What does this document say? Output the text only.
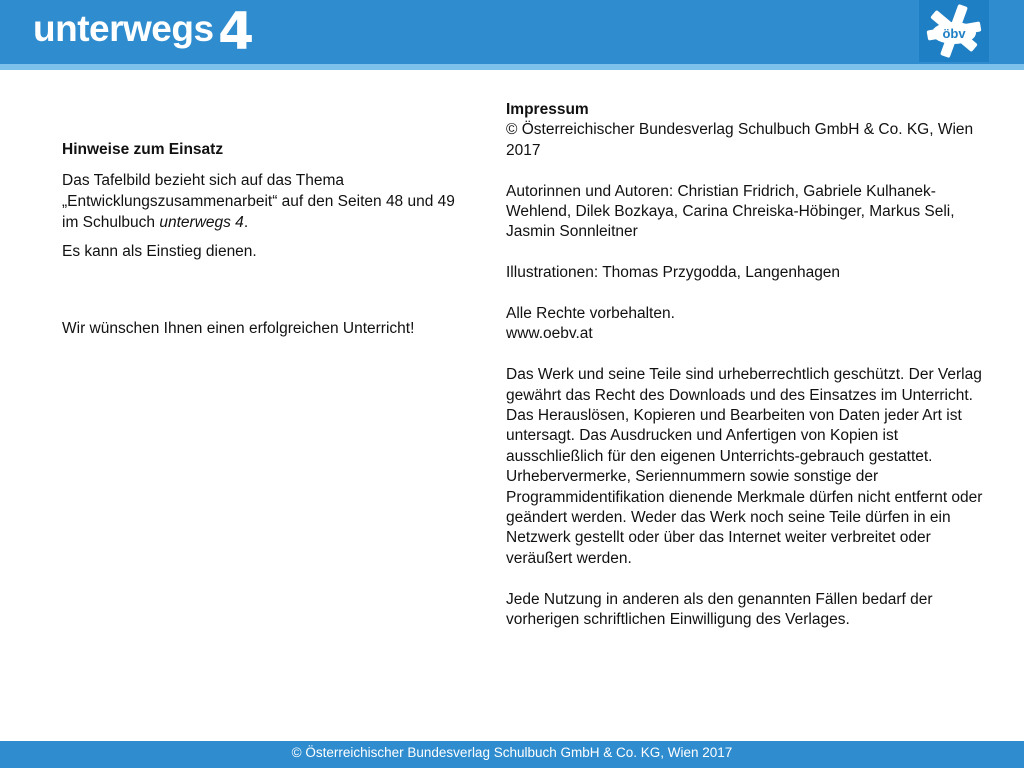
unterwegs 4	öbv
Hinweise zum Einsatz

Das Tafelbild bezieht sich auf das Thema „Entwicklungszusammenarbeit“ auf den Seiten 48 und 49 im Schulbuch unterwegs 4.

Es kann als Einstieg dienen.

Wir wünschen Ihnen einen erfolgreichen Unterricht!

Impressum

© Österreichischer Bundesverlag Schulbuch GmbH & Co. KG, Wien 2017

Autorinnen und Autoren: Christian Fridrich, Gabriele Kulhanek-Wehlend, Dilek Bozkaya, Carina Chreiska-Höbinger, Markus Seli, Jasmin Sonnleitner

Illustrationen: Thomas Przygodda, Langenhagen

Alle Rechte vorbehalten.

www.oebv.at

Das Werk und seine Teile sind urheberrechtlich geschützt. Der Verlag gewährt das Recht des Downloads und des Einsatzes im Unterricht. Das Herauslösen, Kopieren und Bearbeiten von Daten jeder Art ist untersagt. Das Ausdrucken und Anfertigen von Kopien ist ausschließlich für den eigenen Unterrichts-gebrauch gestattet. Urhebervermerke, Seriennummern sowie sonstige der Programmidentifikation dienende Merkmale dürfen nicht entfernt oder geändert werden. Weder das Werk noch seine Teile dürfen in ein Netzwerk gestellt oder über das Internet weiter verbreitet oder veräußert werden.

Jede Nutzung in anderen als den genannten Fällen bedarf der vorherigen schriftlichen Einwilligung des Verlages.

© Österreichischer Bundesverlag Schulbuch GmbH & Co. KG, Wien 2017
